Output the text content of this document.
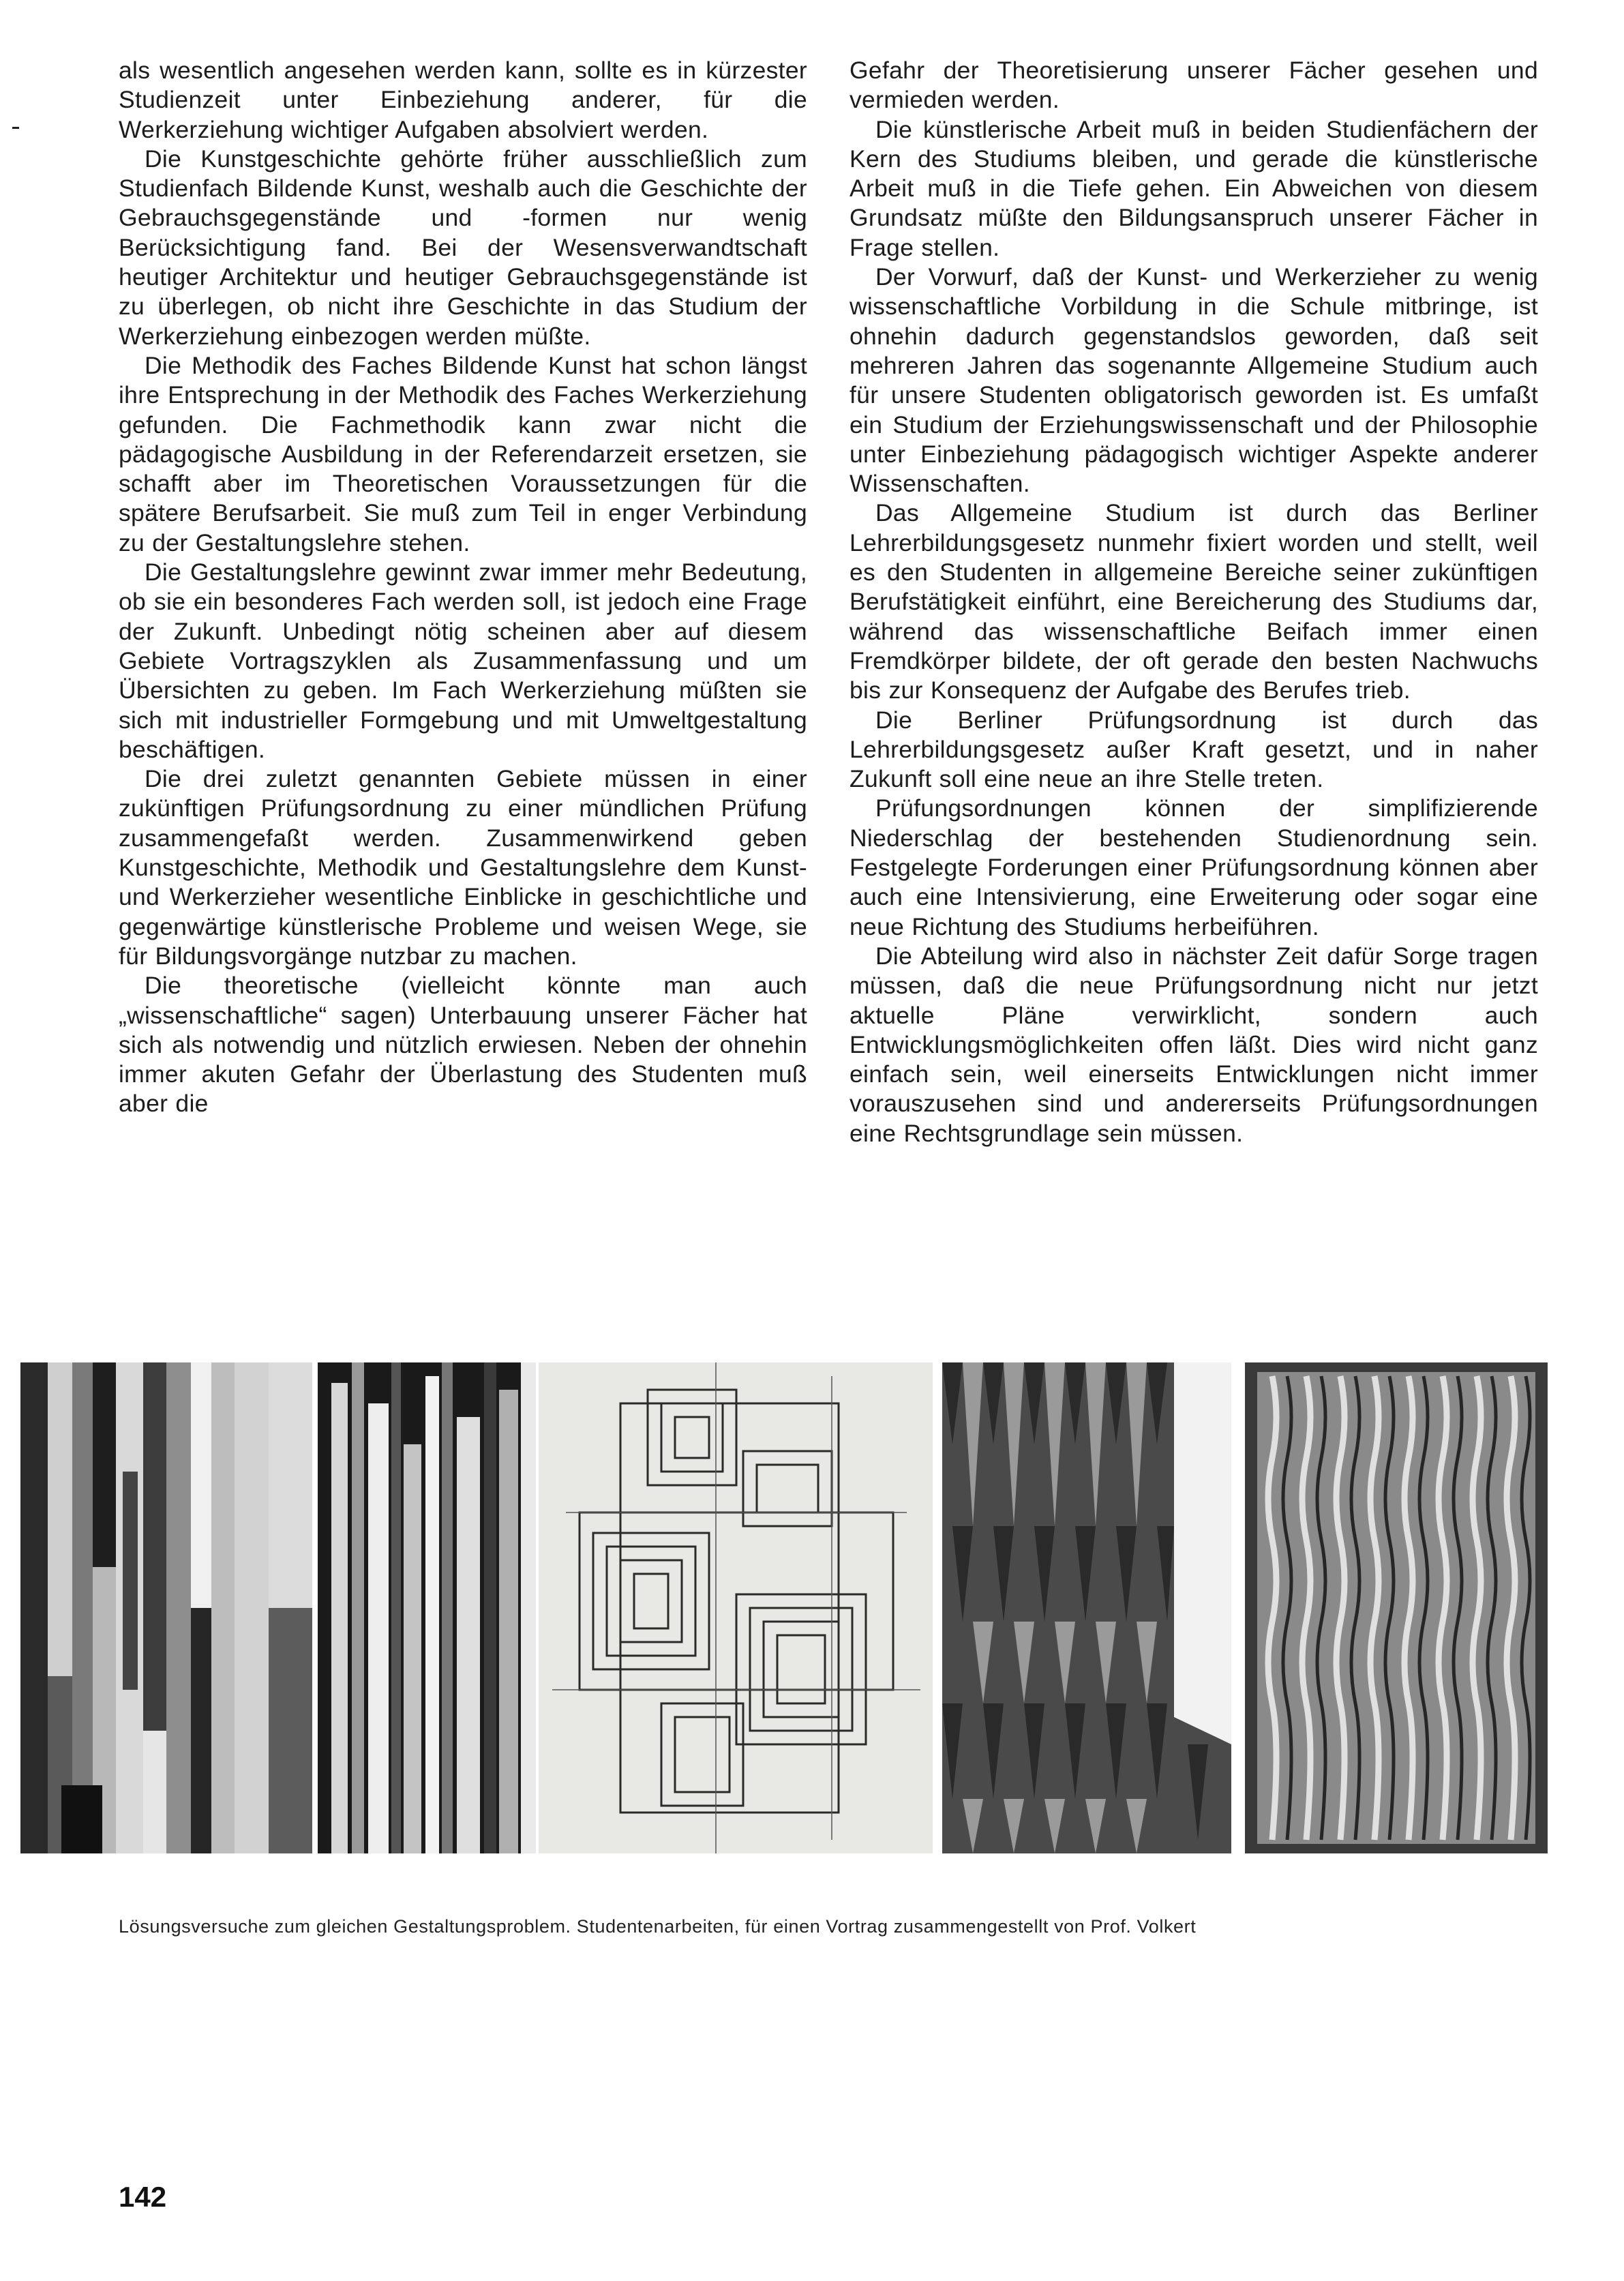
als wesentlich angesehen werden kann, sollte es in kürzester Studienzeit unter Einbeziehung anderer, für die Werkerziehung wichtiger Aufgaben absolviert werden.

Die Kunstgeschichte gehörte früher ausschließlich zum Studienfach Bildende Kunst, weshalb auch die Geschichte der Gebrauchsgegenstände und -formen nur wenig Berücksichtigung fand. Bei der Wesensverwandtschaft heutiger Architektur und heutiger Gebrauchsgegenstände ist zu überlegen, ob nicht ihre Geschichte in das Studium der Werkerziehung einbezogen werden müßte.

Die Methodik des Faches Bildende Kunst hat schon längst ihre Entsprechung in der Methodik des Faches Werkerziehung gefunden. Die Fachmethodik kann zwar nicht die pädagogische Ausbildung in der Referendarzeit ersetzen, sie schafft aber im Theoretischen Voraussetzungen für die spätere Berufsarbeit. Sie muß zum Teil in enger Verbindung zu der Gestaltungslehre stehen.

Die Gestaltungslehre gewinnt zwar immer mehr Bedeutung, ob sie ein besonderes Fach werden soll, ist jedoch eine Frage der Zukunft. Unbedingt nötig scheinen aber auf diesem Gebiete Vortragszyklen als Zusammenfassung und um Übersichten zu geben. Im Fach Werkerziehung müßten sie sich mit industrieller Formgebung und mit Umweltgestaltung beschäftigen.

Die drei zuletzt genannten Gebiete müssen in einer zukünftigen Prüfungsordnung zu einer mündlichen Prüfung zusammengefaßt werden. Zusammenwirkend geben Kunstgeschichte, Methodik und Gestaltungslehre dem Kunst- und Werkerzieher wesentliche Einblicke in geschichtliche und gegenwärtige künstlerische Probleme und weisen Wege, sie für Bildungsvorgänge nutzbar zu machen.

Die theoretische (vielleicht könnte man auch „wissenschaftliche“ sagen) Unterbauung unserer Fächer hat sich als notwendig und nützlich erwiesen. Neben der ohnehin immer akuten Gefahr der Überlastung des Studenten muß aber die

Gefahr der Theoretisierung unserer Fächer gesehen und vermieden werden.

Die künstlerische Arbeit muß in beiden Studienfächern der Kern des Studiums bleiben, und gerade die künstlerische Arbeit muß in die Tiefe gehen. Ein Abweichen von diesem Grundsatz müßte den Bildungsanspruch unserer Fächer in Frage stellen.

Der Vorwurf, daß der Kunst- und Werkerzieher zu wenig wissenschaftliche Vorbildung in die Schule mitbringe, ist ohnehin dadurch gegenstandslos geworden, daß seit mehreren Jahren das sogenannte Allgemeine Studium auch für unsere Studenten obligatorisch geworden ist. Es umfaßt ein Studium der Erziehungswissenschaft und der Philosophie unter Einbeziehung pädagogisch wichtiger Aspekte anderer Wissenschaften.

Das Allgemeine Studium ist durch das Berliner Lehrerbildungsgesetz nunmehr fixiert worden und stellt, weil es den Studenten in allgemeine Bereiche seiner zukünftigen Berufstätigkeit einführt, eine Bereicherung des Studiums dar, während das wissenschaftliche Beifach immer einen Fremdkörper bildete, der oft gerade den besten Nachwuchs bis zur Konsequenz der Aufgabe des Berufes trieb.

Die Berliner Prüfungsordnung ist durch das Lehrerbildungsgesetz außer Kraft gesetzt, und in naher Zukunft soll eine neue an ihre Stelle treten.

Prüfungsordnungen können der simplifizierende Niederschlag der bestehenden Studienordnung sein. Festgelegte Forderungen einer Prüfungsordnung können aber auch eine Intensivierung, eine Erweiterung oder sogar eine neue Richtung des Studiums herbeiführen.

Die Abteilung wird also in nächster Zeit dafür Sorge tragen müssen, daß die neue Prüfungsordnung nicht nur jetzt aktuelle Pläne verwirklicht, sondern auch Entwicklungsmöglichkeiten offen läßt. Dies wird nicht ganz einfach sein, weil einerseits Entwicklungen nicht immer vorauszusehen sind und andererseits Prüfungsordnungen eine Rechtsgrundlage sein müssen.

Lösungsversuche zum gleichen Gestaltungsproblem. Studentenarbeiten, für einen Vortrag zusammengestellt von Prof. Volkert
142
